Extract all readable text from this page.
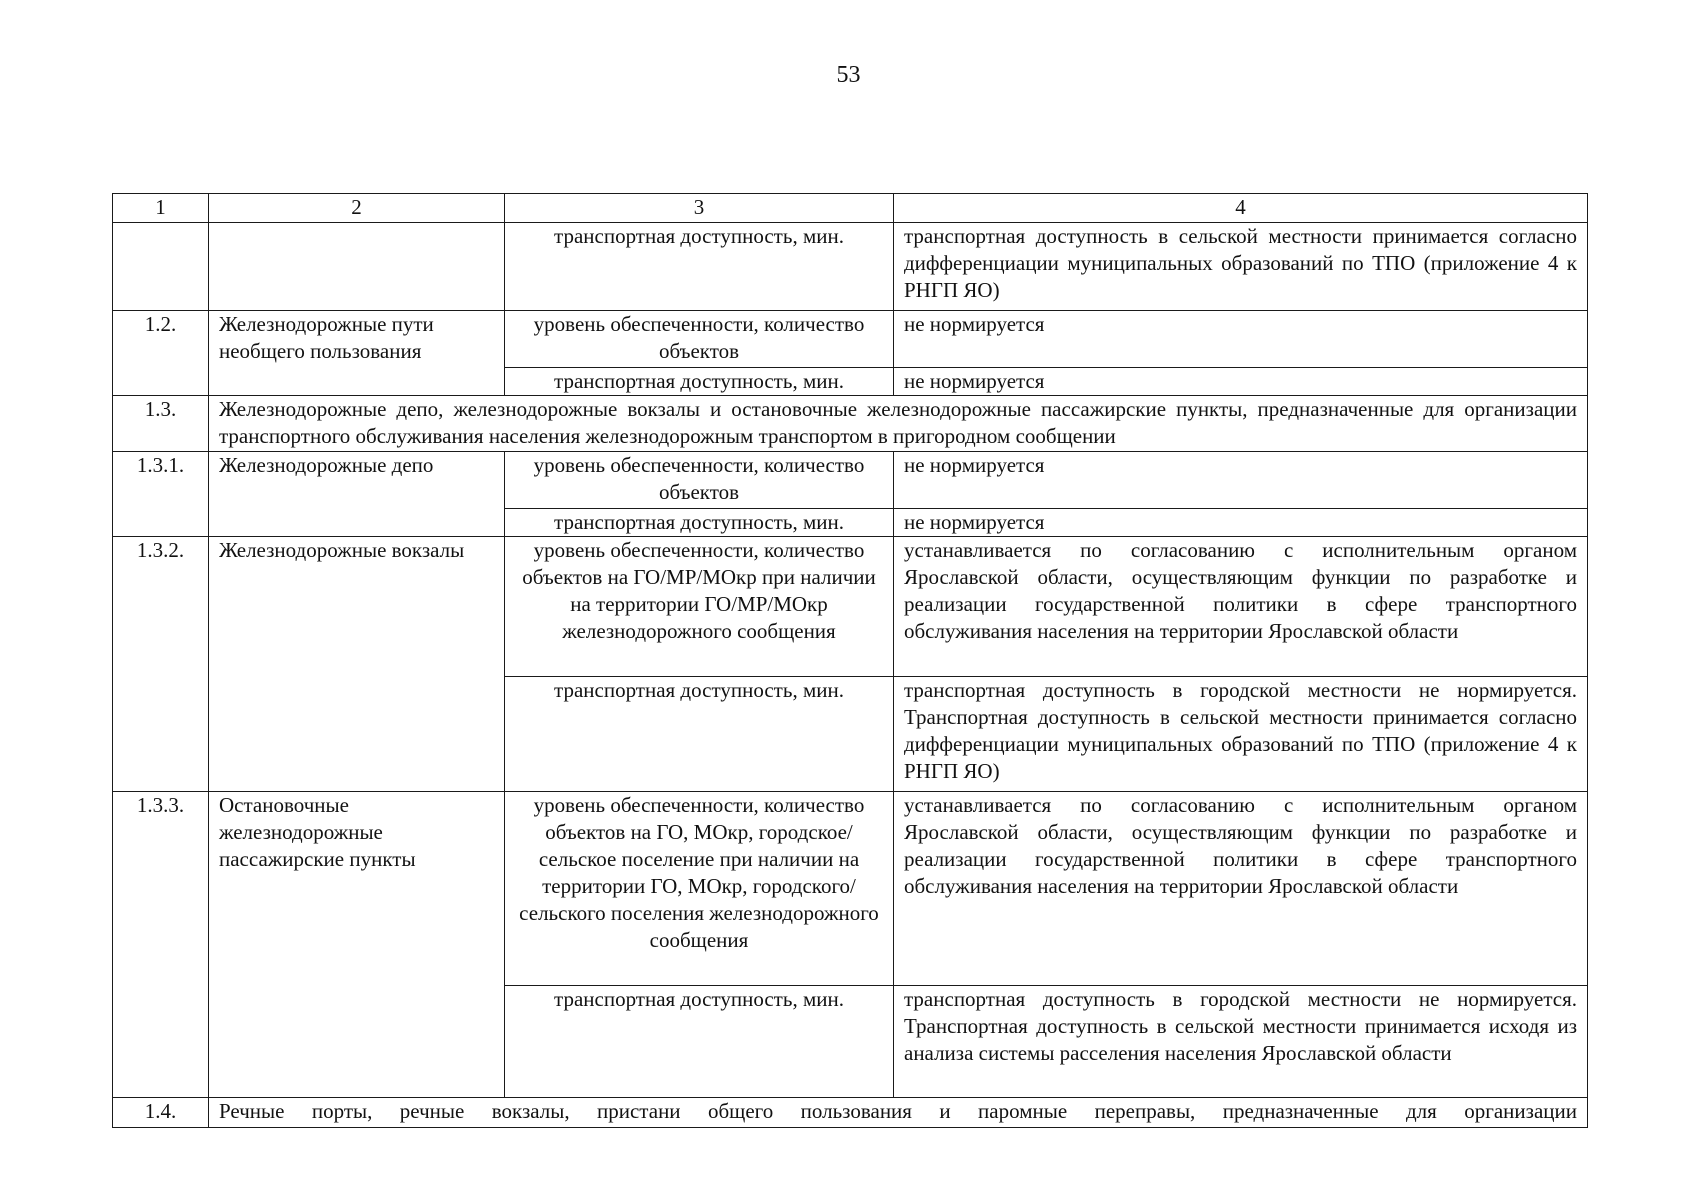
53
1	2	3	4
		транспортная доступность, мин.	транспортная доступность в сельской местности принимается согласно дифференциации муниципальных образований по ТПО (приложение 4 к РНГП ЯО)
1.2.	Железнодорожные пути необщего пользования	уровень обеспеченности, количество объектов	не нормируется
		транспортная доступность, мин.	не нормируется
1.3.	Железнодорожные депо, железнодорожные вокзалы и остановочные железнодорожные пассажирские пункты, предназначенные для организации транспортного обслуживания населения железнодорожным транспортом в пригородном сообщении		
1.3.1.	Железнодорожные депо	уровень обеспеченности, количество объектов	не нормируется
		транспортная доступность, мин.	не нормируется
1.3.2.	Железнодорожные вокзалы	уровень обеспеченности, количество объектов на ГО/МР/МОкр при наличии на территории ГО/МР/МОкр железнодорожного сообщения	устанавливается по согласованию с исполнительным органом Ярославской области, осуществляющим функции по разработке и реализации государственной политики в сфере транспортного обслуживания населения на территории Ярославской области
		транспортная доступность, мин.	транспортная доступность в городской местности не нормируется. Транспортная доступность в сельской местности принимается согласно дифференциации муниципальных образований по ТПО (приложение 4 к РНГП ЯО)
1.3.3.	Остановочные железнодорожные пассажирские пункты	уровень обеспеченности, количество объектов на ГО, МОкр, городское/сельское поселение при наличии на территории ГО, МОкр, городского/сельского поселения железнодорожного сообщения	устанавливается по согласованию с исполнительным органом Ярославской области, осуществляющим функции по разработке и реализации государственной политики в сфере транспортного обслуживания населения на территории Ярославской области
		транспортная доступность, мин.	транспортная доступность в городской местности не нормируется. Транспортная доступность в сельской местности принимается исходя из анализа системы расселения населения Ярославской области
1.4.	Речные порты, речные вокзалы, пристани общего пользования и паромные переправы, предназначенные для организации		
